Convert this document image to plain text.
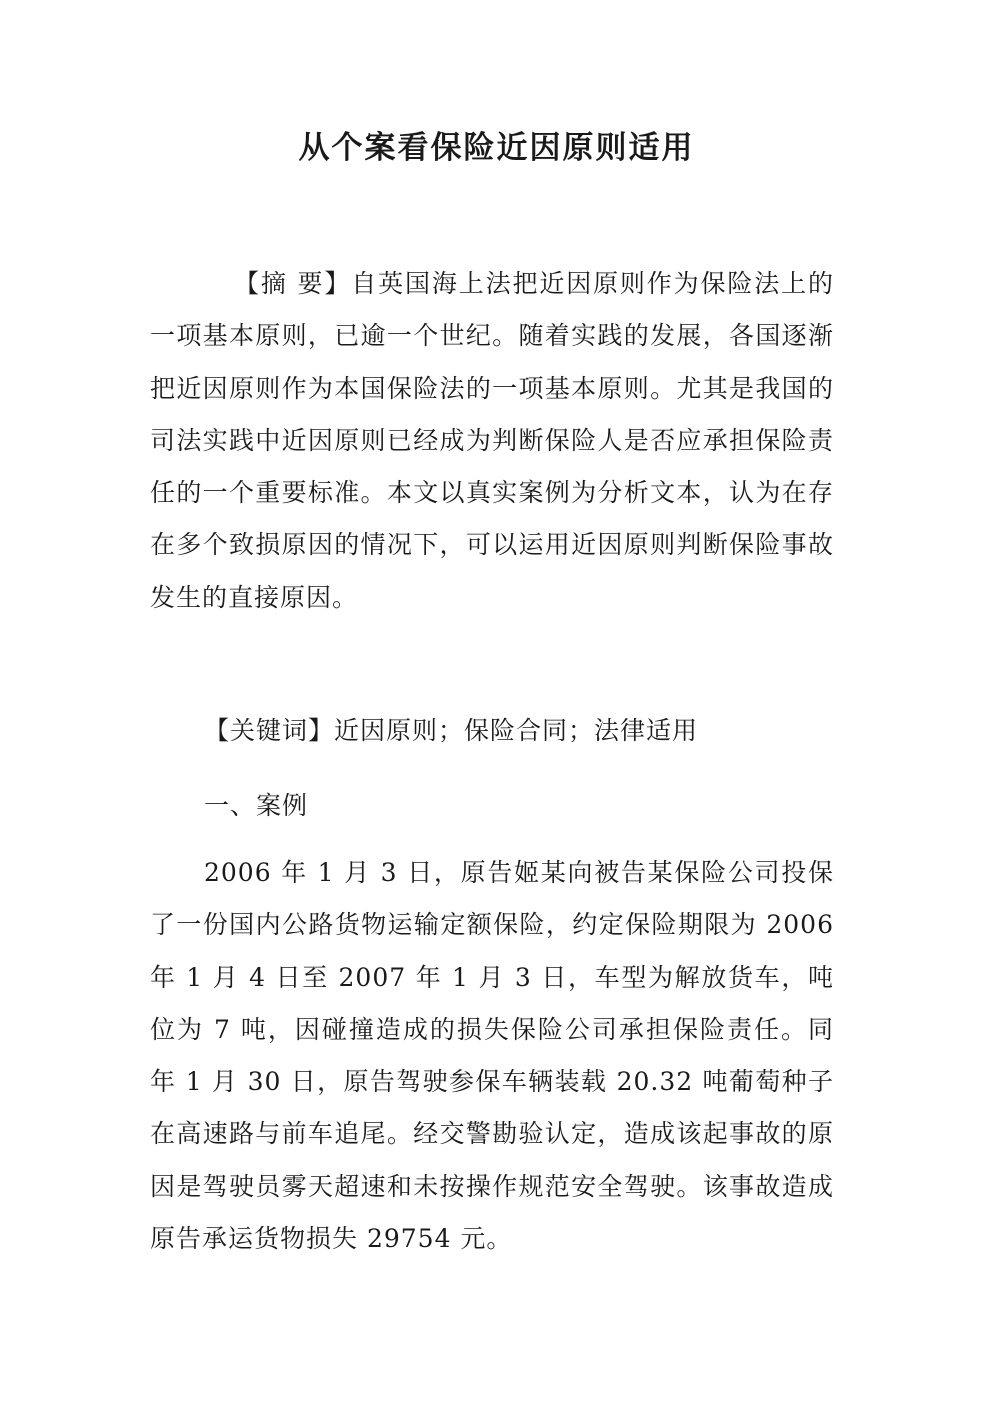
从个案看保险近因原则适用

【摘 要】自英国海上法把近因原则作为保险法上的一项基本原则，已逾一个世纪。随着实践的发展，各国逐渐把近因原则作为本国保险法的一项基本原则。尤其是我国的司法实践中近因原则已经成为判断保险人是否应承担保险责任的一个重要标准。本文以真实案例为分析文本，认为在存在多个致损原因的情况下，可以运用近因原则判断保险事故发生的直接原因。

【关键词】近因原则；保险合同；法律适用

一、案例

2006 年 1 月 3 日，原告姬某向被告某保险公司投保了一份国内公路货物运输定额保险，约定保险期限为 2006 年 1 月 4 日至 2007 年 1 月 3 日，车型为解放货车，吨位为 7 吨，因碰撞造成的损失保险公司承担保险责任。同年 1 月 30 日，原告驾驶参保车辆装载 20.32 吨葡萄种子在高速路与前车追尾。经交警勘验认定，造成该起事故的原因是驾驶员雾天超速和未按操作规范安全驾驶。该事故造成原告承运货物损失 29754 元。
